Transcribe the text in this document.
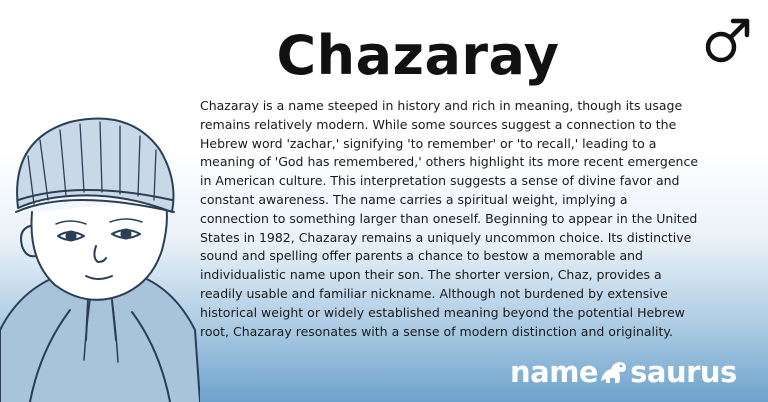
Chazaray

Chazaray is a name steeped in history and rich in meaning, though its usage remains relatively modern. While some sources suggest a connection to the Hebrew word 'zachar,' signifying 'to remember' or 'to recall,' leading to a meaning of 'God has remembered,' others highlight its more recent emergence in American culture. This interpretation suggests a sense of divine favor and constant awareness. The name carries a spiritual weight, implying a connection to something larger than oneself. Beginning to appear in the United States in 1982, Chazaray remains a uniquely uncommon choice. Its distinctive sound and spelling offer parents a chance to bestow a memorable and individualistic name upon their son. The shorter version, Chaz, provides a readily usable and familiar nickname. Although not burdened by extensive historical weight or widely established meaning beyond the potential Hebrew root, Chazaray resonates with a sense of modern distinction and originality.

name saurus
